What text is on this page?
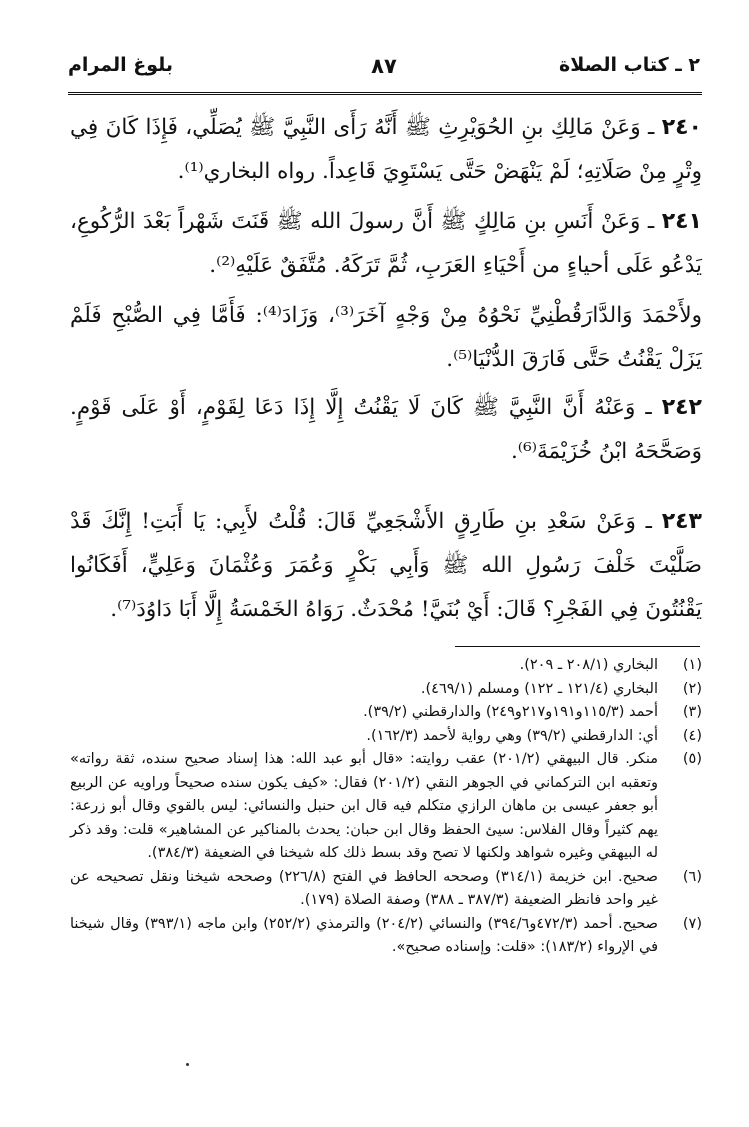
٢ ـ كتاب الصلاة
٨٧
بلوغ المرام

٢٤٠ ـ وَعَنْ مَالِكِ بنِ الحُوَيْرِثِ ﷺ أَنَّهُ رَأَى النَّبِيَّ ﷺ يُصَلِّي، فَإِذَا كَانَ فِي وِتْرٍ مِنْ صَلَاتِهِ؛ لَمْ يَنْهَضْ حَتَّى يَسْتَوِيَ قَاعِداً. رواه البخاري⁽¹⁾.

٢٤١ ـ وَعَنْ أَنَسِ بنِ مَالِكٍ ﷺ أَنَّ رسولَ الله ﷺ قَنَتَ شَهْراً بَعْدَ الرُّكُوعِ، يَدْعُو عَلَى أحياءٍ من أَحْيَاءِ العَرَبِ، ثُمَّ تَرَكَهُ. مُتَّفَقٌ عَلَيْهِ⁽²⁾.

ولأَحْمَدَ وَالدَّارَقُطْنِيِّ نَحْوُهُ مِنْ وَجْهٍ آخَرَ⁽³⁾، وَزَادَ⁽⁴⁾: فَأَمَّا فِي الصُّبْحِ فَلَمْ يَزَلْ يَقْنُتُ حَتَّى فَارَقَ الدُّنْيَا⁽⁵⁾.

٢٤٢ ـ وَعَنْهُ أَنَّ النَّبِيَّ ﷺ كَانَ لَا يَقْنُتُ إِلَّا إِذَا دَعَا لِقَوْمٍ، أَوْ عَلَى قَوْمٍ. وَصَحَّحَهُ ابْنُ خُزَيْمَةَ⁽⁶⁾.

٢٤٣ ـ وَعَنْ سَعْدِ بنِ طَارِقٍ الأَشْجَعِيِّ قَالَ: قُلْتُ لأَبِي: يَا أَبَتِ! إِنَّكَ قَدْ صَلَّيْتَ خَلْفَ رَسُولِ الله ﷺ وَأَبِي بَكْرٍ وَعُمَرَ وَعُثْمَانَ وَعَلِيٍّ، أَفَكَانُوا يَقْنُتُونَ فِي الفَجْرِ؟ قَالَ: أَيْ بُنَيَّ! مُحْدَثٌ. رَوَاهُ الخَمْسَةُ إِلَّا أَبَا دَاوُدَ⁽⁷⁾.

(١)
البخاري (٢٠٨/١ ـ ٢٠٩).
(٢)
البخاري (١٢١/٤ ـ ١٢٢) ومسلم (٤٦٩/١).
(٣)
أحمد (١١٥/٣و١٩١و٢١٧و٢٤٩) والدارقطني (٣٩/٢).
(٤)
أي: الدارقطني (٣٩/٢) وهي رواية لأحمد (١٦٢/٣).
(٥)
منكر. قال البيهقي (٢٠١/٢) عقب روايته: «قال أبو عبد الله: هذا إسناد صحيح سنده، ثقة رواته» وتعقبه ابن التركماني في الجوهر النقي (٢٠١/٢) فقال: «كيف يكون سنده صحيحاً وراويه عن الربيع أبو جعفر عيسى بن ماهان الرازي متكلم فيه قال ابن حنبل والنسائي: ليس بالقوي وقال أبو زرعة: يهم كثيراً وقال الفلاس: سيئ الحفظ وقال ابن حبان: يحدث بالمناكير عن المشاهير» قلت: وقد ذكر له البيهقي وغيره شواهد ولكنها لا تصح وقد بسط ذلك كله شيخنا في الضعيفة (٣٨٤/٣).
(٦)
صحيح. ابن خزيمة (٣١٤/١) وصححه الحافظ في الفتح (٢٢٦/٨) وصححه شيخنا ونقل تصحيحه عن غير واحد فانظر الضعيفة (٣٨٧/٣ ـ ٣٨٨) وصفة الصلاة (١٧٩).
(٧)
صحيح. أحمد (٤٧٢/٣و٣٩٤/٦) والنسائي (٢٠٤/٢) والترمذي (٢٥٢/٢) وابن ماجه (٣٩٣/١) وقال شيخنا في الإرواء (١٨٣/٢): «قلت: وإسناده صحيح».
